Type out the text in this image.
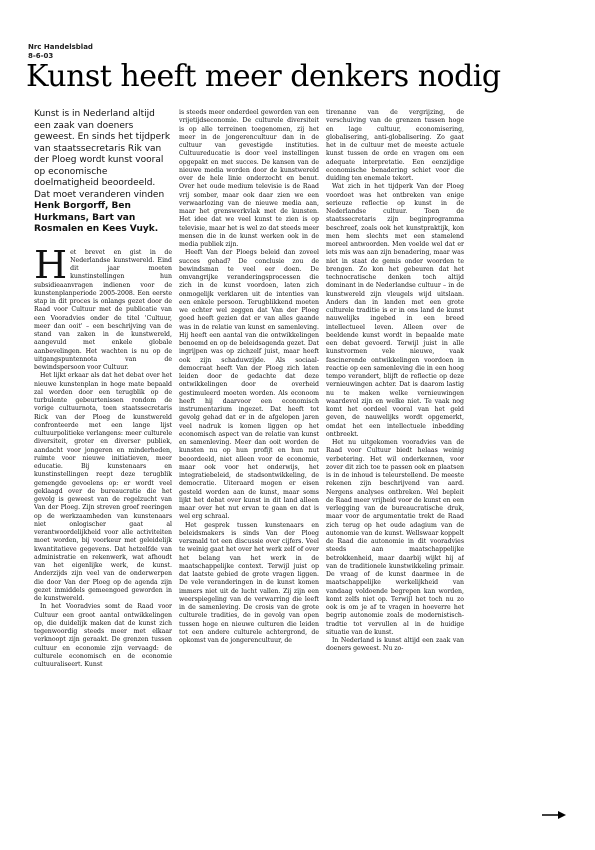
Nrc Handelsblad
8-6-03
Kunst heeft meer denkers nodig
Kunst is in Nederland altijd een zaak van doeners geweest. En sinds het tijdperk van staatssecretaris Rik van der Ploeg wordt kunst vooral op economische doelmatigheid beoordeeld. Dat moet veranderen vinden Henk Borgorff, Ben Hurkmans, Bart van Rosmalen en Kees Vuyk.

Het brevet en gist in de Nederlandse kunstwereld. Eind dit jaar moeten kunstinstellingen hun subsidieaanvragen indienen voor de kunstenplanperiode 2005-2008. Een eerste stap in dit proces is onlangs gezet door de Raad voor Cultuur met de publicatie van een Vooradvies onder de titel 'Cultuur, meer dan ooit' – een beschrijving van de stand van zaken in de kunstwereld, aangevuld met enkele globale aanbevelingen. Het wachten is nu op de uitgangspuntennota van de bewindspersoon voor Cultuur.

Het lijkt erkaar als dat het debat over het nieuwe kunstenplan in hoge mate bepaald zal worden door een terugblik op de turbulente gebeurtenissen rondom de vorige cultuurnota, toen staatssecretaris Rick van der Ploeg de kunstwereld confronteerde met een lange lijst cultuurpolitieke verlangens: meer culturele diversiteit, groter en diverser publiek, aandacht voor jongeren en minderheden, ruimte voor nieuwe initiatieven, meer educatie. Bij kunstenaars en kunstinstellingen reept deze terugblik gemengde gevoelens op: er wordt veel geklaagd over de bureaucratie die het gevolg is geweest van de regelzucht van Van der Ploeg. Zijn streven groef reeringen op de werkzaamheden van kunstenaars niet onlogischer gaat al verantwoordelijkheid voor alle activiteiten moet worden, bij voorkeur met geleidelijk kwantitatieve gegevens. Dat hetzelfde van administratie en rekenwerk, wat afhoudt van het eigenlijke werk, de kunst. Anderzijds zijn veel van de onderwerpen die door Van der Ploeg op de agenda zijn gezet inmiddels gemeengoed geworden in de kunstwereld.

In het Vooradvies somt de Raad voor Cultuur een groot aantal ontwikkelingen op, die duidelijk maken dat de kunst zich tegenwoordig steeds meer met elkaar verknoopt zijn geraakt. De grenzen tussen cultuur en economie zijn vervaagd: de culturele economisch en de economie cultuuraliseert. Kunst

is steeds meer onderdeel geworden van een vrijetijdseconomie. De culturele diversiteit is op alle terreinen toegenomen, zij het meer in de jongerencultuur dan in de cultuur van gevestigde instituties. Cultuureducatie is door veel instellingen opgepakt en met succes. De kansen van de nieuwe media worden door de kunstwereld over de hele linie onderzocht en benut. Over het oude medium televisie is de Raad vrij somber, maar ook daar zien we een verwaarlozing van de nieuwe media aan, maar het grenswerkvlak met de kunsten. Het idee dat we veel kunst te zien is op televisie, maar het is wel zo dat steeds meer mensen die in de kunst werken ook in de media publiek zijn.

Heeft Van der Ploegs beleid dan zoveel succes gehad? De conclusie zou de bewindsman te veel eer doen. De omvangrijke veranderingsprocessen die zich in de kunst voordoen, laten zich onmogelijk verklaren uit de intenties van een enkele persoon. Terugblikkend moeten we echter wel zeggen dat Van der Ploeg goed heeft gezien dat er van alles gaande was in de relatie van kunst en samenleving. Hij heeft een aantal van die ontwikkelingen benoemd en op de beleidsagenda gezet. Dat ingrijpen was op zichzelf juist, maar heeft ook zijn schaduwzijde. Als sociaal-democraat heeft Van der Ploeg zich laten leiden door de gedachte dat deze ontwikkelingen door de overheid gestimuleerd moeten worden. Als econoom heeft hij daarvoor een economisch instrumentarium ingezet. Dat heeft tot gevolg gehad dat er in de afgelopen jaren veel nadruk is komen liggen op het economisch aspect van de relatie van kunst en samenleving. Meer dan ooit worden de kunsten nu op hun profijt en hun nut beoordeeld, niet alleen voor de economie, maar ook voor het onderwijs, het integratiebeleid, de stadsontwikkeling, de democratie. Uiteraard mogen er eisen gesteld worden aan de kunst, maar soms lijkt het debat over kunst in dit land alleen maar over het nut ervan te gaan en dat is wel erg schraal.

Het gesprek tussen kunstenaars en beleidsmakers is sinds Van der Ploeg versmald tot een discussie over cijfers. Veel te weinig gaat het over het werk zelf of over het belang van het werk in de maatschappelijke context. Terwijl juist op dat laatste gebied de grote vragen liggen. De vele veranderingen in de kunst komen immers niet uit de lucht vallen. Zij zijn een weerspiegeling van de verwarring die leeft in de samenleving. De crosis van de grote culturele tradities, de in gevolg van open tussen hoge en nieuwe culturen die leiden tot een andere culturele achtergrond, de opkomst van de jongerencultuur, de

tirenanne van de vergrijzing, de verschuiving van de grenzen tussen hoge en lage cultuur, economisering, globalisering, anti-globalisering. Zo gaat het in de cultuur met de meeste actuele kunst tussen de orde en vragen om een adequate interpretatie. Een eenzijdige economische benadering schiet voor die duiding ten enemale tekort.

Wat zich in het tijdperk Van der Ploeg voordoet was het ontbreken van enige serieuze reflectie op kunst in de Nederlandse cultuur. Toen de staatssecretaris zijn beginprogramma beschreef, zoals ook het kunstpraktijk, kon men hem slechts met een stamelend moreel antwoorden. Men voelde wel dat er iets mis was aan zijn benadering, maar was niet in staat de gemis onder woorden te brengen. Zo kon het gebeuren dat het technocratische denken toch altijd dominant in de Nederlandse cultuur – in de kunstwereld zijn vleugels wijd uitslaan. Anders dan in landen met een grote culturele traditie is er in ons land de kunst nauwelijks ingebed in een breed intellectueel leven. Alleen over de beeldende kunst wordt in bepaalde mate een debat gevoerd. Terwijl juist in alle kunstvormen vele nieuwe, vaak fascinerende ontwikkelingen voordoen in reactie op een samenleving die in een hoog tempo verandert, blijft de reflectie op deze vernieuwingen achter. Dat is daarom lastig nu te maken welke vernieuwingen waardevol zijn en welke niet. Te vaak nog komt het oordeel vooral van het geld geven, de nauwelijks wordt opgemerkt, omdat het een intellectuele inbedding ontbreekt.

Het nu uitgekomen vooradvies van de Raad voor Cultuur biedt helaas weinig verbetering. Het wil onderkennen, voor zover dit zich toe te passen ook en plaatsen is in de inhoud is teleurstellend. De meeste rekenen zijn beschrijvend van aard. Nergens analyses ontbreken. Wel bepleit de Raad meer vrijheid voor de kunst en een verlegging van de bureaucratische druk, maar voor de argumentatie trekt de Raad zich terug op het oude adagium van de autonomie van de kunst. Wellswaar koppelt de Raad die autonomie in dit vooradvies steeds aan maatschappelijke betrokkenheid, maar daarbij wijkt hij af van de traditionele kunstwikkeling primair. De vraag of de kunst daarmee in de maatschappelijke werkelijkheid van vandaag voldoende begrepen kan worden, komt zelfs niet op. Terwijl het toch nu zo ook is om je af te vragen in hoeverre het begrip autonomie zoals de modernistisch-tradtie tot vervullen al in de huidige situatie van de kunst.

In Nederland is kunst altijd een zaak van doeners geweest. Nu zo-
